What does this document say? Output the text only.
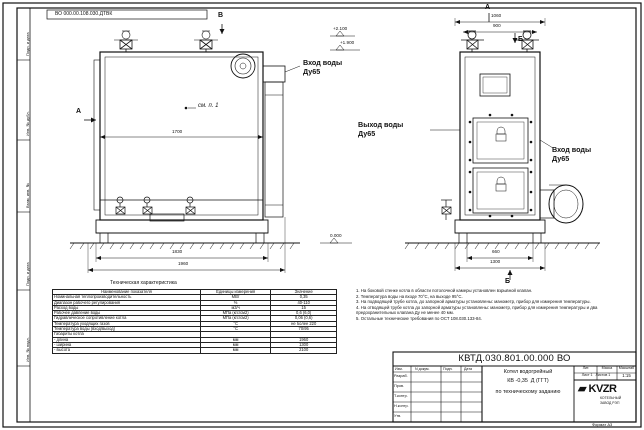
Подп. и дата
Инв. № дубл.
Взам. инв. №
Подп. и дата
Инв. № подл.
ВО 000.00.108.030.ДТВК	В
А
см. п. 1
А
Б
Б
+2.100
+1.900
0.000
1700
1830
1960
1060
900
660
1300
Вход воды
Ду65
Выход воды
Ду65
Вход воды
Ду65
Техническая характеристика
Наименование показателя	Единицы измерения	Значение
Номинальная теплопроизводительность	МВт	0,35
Диапазон рабочего регулирования	%	40-110
Расход воды	м3/ч	15
Рабочее давление воды	МПа (кгс/см2)	0,6 (6,0)
Гидравлическое сопротивление котла	МПа (кгс/см2)	0,06 (0,6)
Температура уходящих газов	°С	не более 220
Температура воды (вход/выход)	°С	70/95
Габариты котла		
- длина	мм	1960
- ширина	мм	1300
- высота	мм	2100
1. На боковой стенке котла в области потолочной камеры установлен взрывной клапан.
2. Температура воды на входе 70°С, на выходе 95°С.
3. На подводящей трубе котла, до запорной арматуры установлены: манометр, прибор для измерения температуры.
4. На отводящей трубе котла до запорной арматуры установлены: манометр, прибор для измерения температуры и два предохранительных клапана Ду не менее 40 мм.
5. Остальные технические требования по ОСТ 108.030.133-84.
КВТД.030.801.00.000 ВО
Изм.	N докум.	Подп.	Дата
Разраб.
Пров.
Т.контр.
Н.контр.
Утв.
Котел водогрейный
КВ -0,35  Д (ГГТ)
по техническому заданию
Лит.	Масса	Масштаб
1:15
Лист 1   Листов 1
▰ KVZR
КОТЕЛЬНЫЙ
ЗАВОД РЭП
Формат А3
